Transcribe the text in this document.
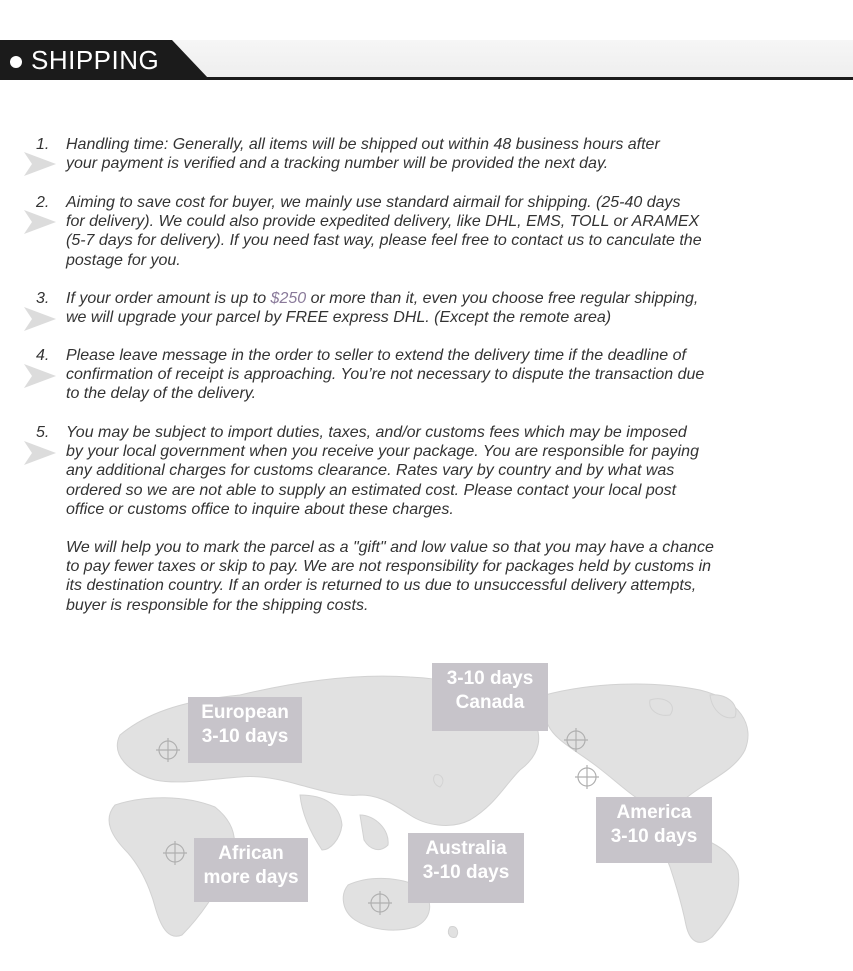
SHIPPING
1. Handling time: Generally, all items will be shipped out within 48 business hours after
your payment is verified and a tracking number will be provided the next day.

2. Aiming to save cost for buyer, we mainly use standard airmail for shipping. (25-40 days
for delivery). We could also provide expedited delivery, like DHL, EMS, TOLL or ARAMEX
(5-7 days for delivery). If you need fast way, please feel free to contact us to canculate the
postage for you.

3. If your order amount is up to $250 or more than it, even you choose free regular shipping,
we will upgrade your parcel by FREE express DHL. (Except the remote area)

4. Please leave message in the order to seller to extend the delivery time if the deadline of
confirmation of receipt is approaching. You’re not necessary to dispute the transaction due
to the delay of the delivery.

5. You may be subject to import duties, taxes, and/or customs fees which may be imposed
by your local government when you receive your package. You are responsible for paying
any additional charges for customs clearance. Rates vary by country and by what was
ordered so we are not able to supply an estimated cost. Please contact your local post
office or customs office to inquire about these charges.

We will help you to mark the parcel as a "gift" and low value so that you may have a chance
to pay fewer taxes or skip to pay. We are not responsibility for packages held by customs in
its destination country. If an order is returned to us due to unsuccessful delivery attempts,
buyer is responsible for the shipping costs.

European
3-10 days
3-10 days
Canada
America
3-10 days
African
more days
Australia
3-10 days
